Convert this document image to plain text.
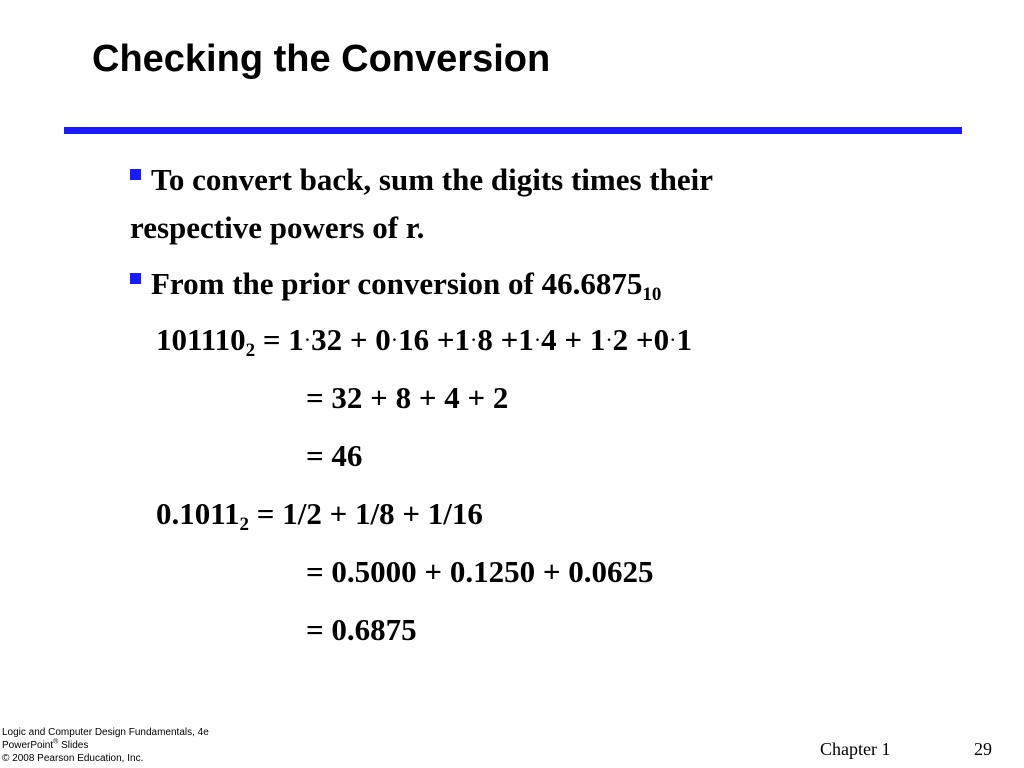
Checking the Conversion
To convert back, sum the digits times their
respective powers of r.
From the prior conversion of $46.6875_{10}$
$101110_2 = 1\cdot 32 + 0\cdot 16 +1\cdot 8 +1\cdot 4 + 1\cdot 2 +0\cdot 1$
= 32 + 8 + 4 + 2
= 46
$0.1011_2 = 1/2 + 1/8 + 1/16$
= 0.5000 + 0.1250 + 0.0625
= 0.6875
Logic and Computer Design Fundamentals, 4e
PowerPoint® Slides
© 2008 Pearson Education, Inc.	Chapter 1	29
